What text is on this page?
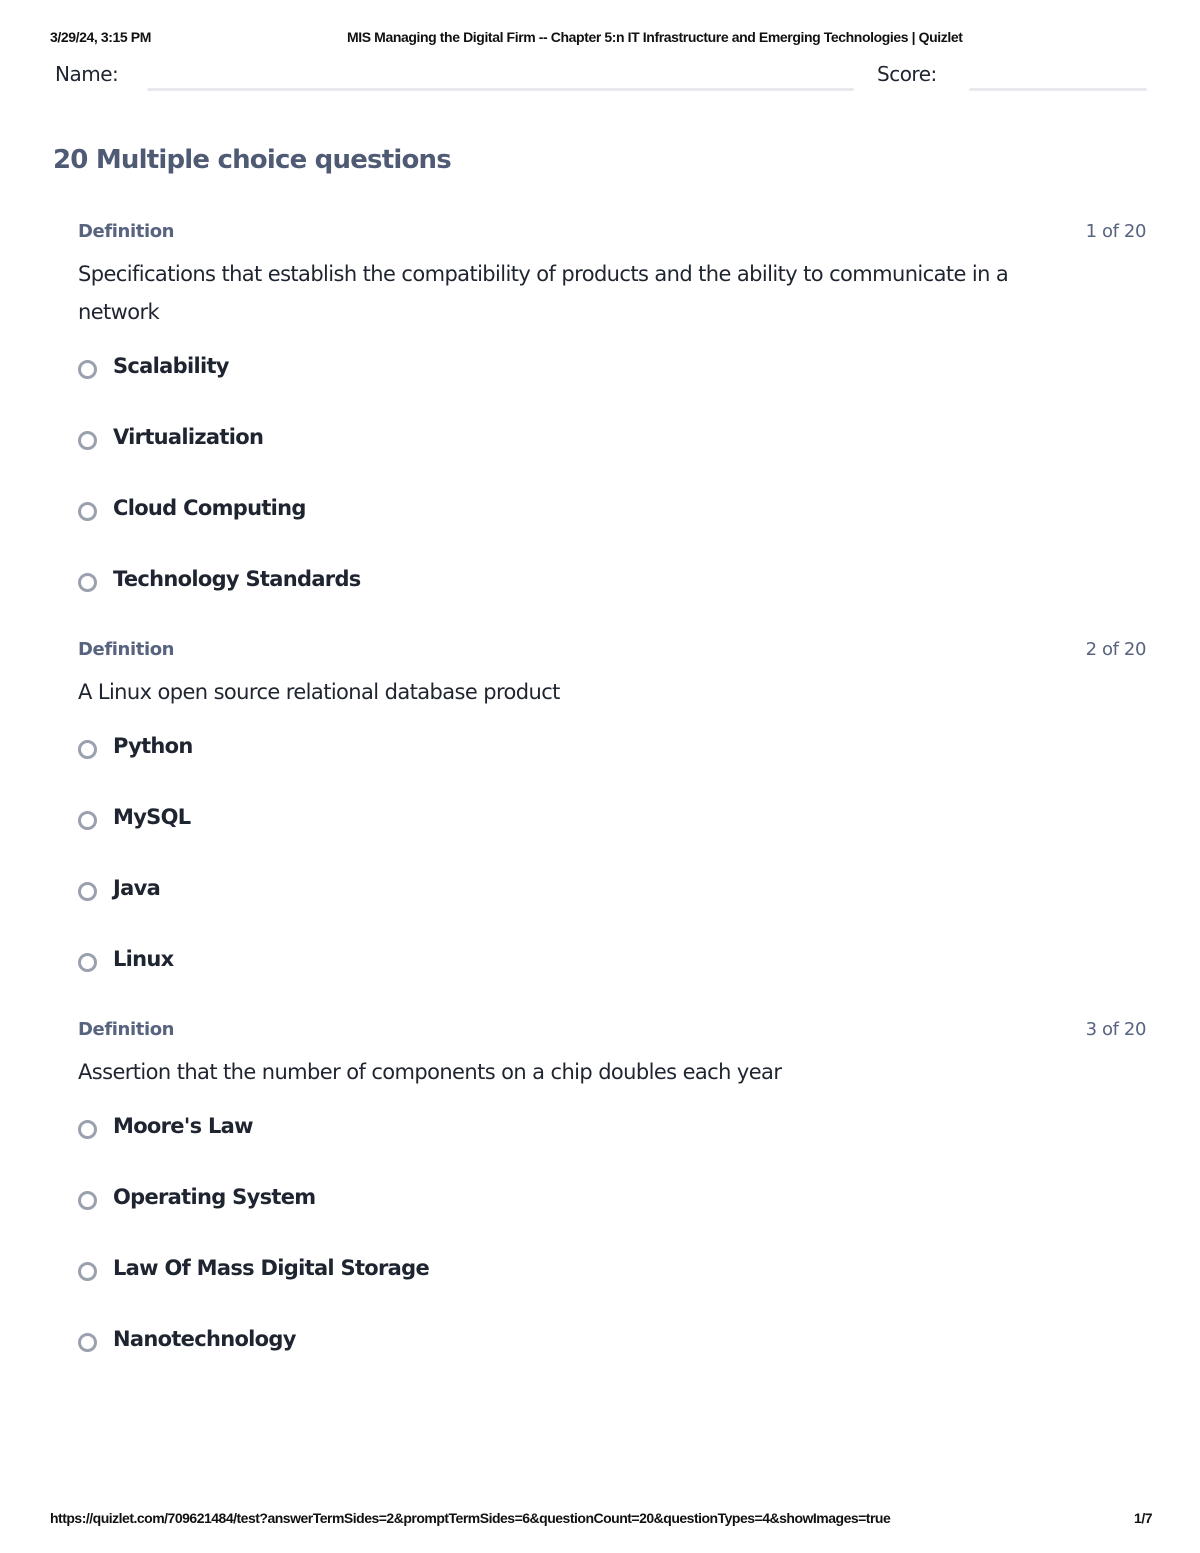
3/29/24, 3:15 PM	MIS Managing the Digital Firm -- Chapter 5:n IT Infrastructure and Emerging Technologies | Quizlet
Name:	Score:
20 Multiple choice questions
Definition	1 of 20
Specifications that establish the compatibility of products and the ability to communicate in a network
Scalability
Virtualization
Cloud Computing
Technology Standards
Definition	2 of 20
A Linux open source relational database product
Python
MySQL
Java
Linux
Definition	3 of 20
Assertion that the number of components on a chip doubles each year
Moore's Law
Operating System
Law Of Mass Digital Storage
Nanotechnology
https://quizlet.com/709621484/test?answerTermSides=2&promptTermSides=6&questionCount=20&questionTypes=4&showImages=true	1/7
